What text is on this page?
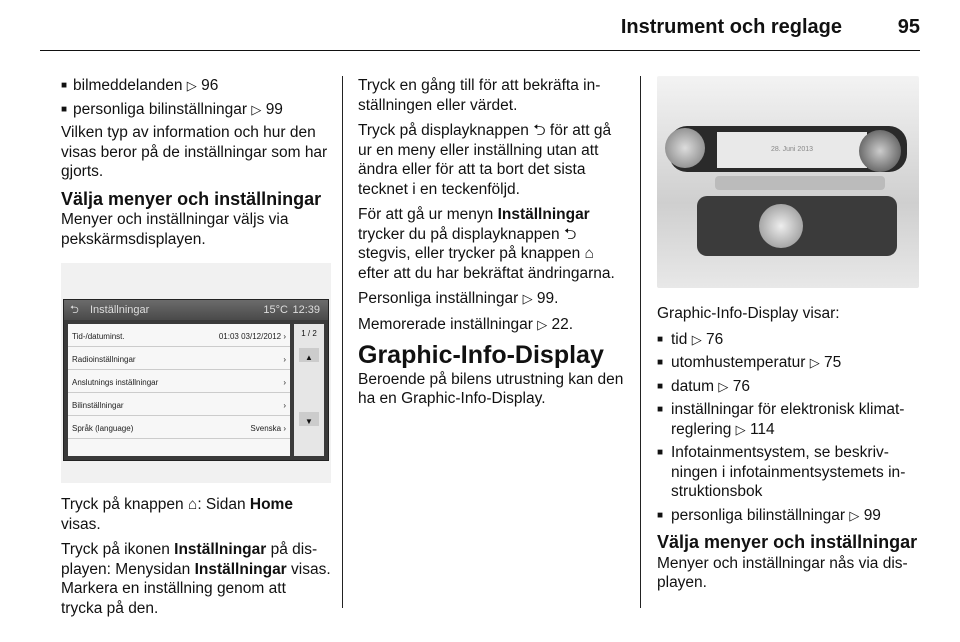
Instrument och reglage	95
■ bilmeddelanden ▷ 96
■ personliga bilinställningar ▷ 99

Vilken typ av information och hur den visas beror på de inställningar som har gjorts.

Välja menyer och inställningar

Menyer och inställningar väljs via pekskärmsdisplayen.

⮌ Inställningar	15°C 12:39
Tid-/datuminst.	01:03 03/12/2012 ›
Radioinställningar	›
Anslutnings inställningar	›
Bilinställningar	›
Språk (language)	Svenska ›
1 / 2
▲
▼

Tryck på knappen ⌂: Sidan Home visas.

Tryck på ikonen Inställningar på displayen: Menysidan Inställningar visas. Markera en inställning genom att trycka på den.

Tryck en gång till för att bekräfta inställningen eller värdet.

Tryck på displayknappen ⮌ för att gå ur en meny eller inställning utan att ändra eller för att ta bort det sista tecknet i en teckenföljd.

För att gå ur menyn Inställningar trycker du på displayknappen ⮌ stegvis, eller trycker på knappen ⌂ efter att du har bekräftat ändringarna.

Personliga inställningar ▷ 99.

Memorerade inställningar ▷ 22.

Graphic-Info-Display

Beroende på bilens utrustning kan den ha en Graphic-Info-Display.

28. Juni 2013

Graphic-Info-Display visar:

■ tid ▷ 76
■ utomhustemperatur ▷ 75
■ datum ▷ 76
■ inställningar för elektronisk klimatreglering ▷ 114
■ Infotainmentsystem, se beskrivningen i infotainmentsystemets instruktionsbok
■ personliga bilinställningar ▷ 99
Välja menyer och inställningar

Menyer och inställningar nås via displayen.
